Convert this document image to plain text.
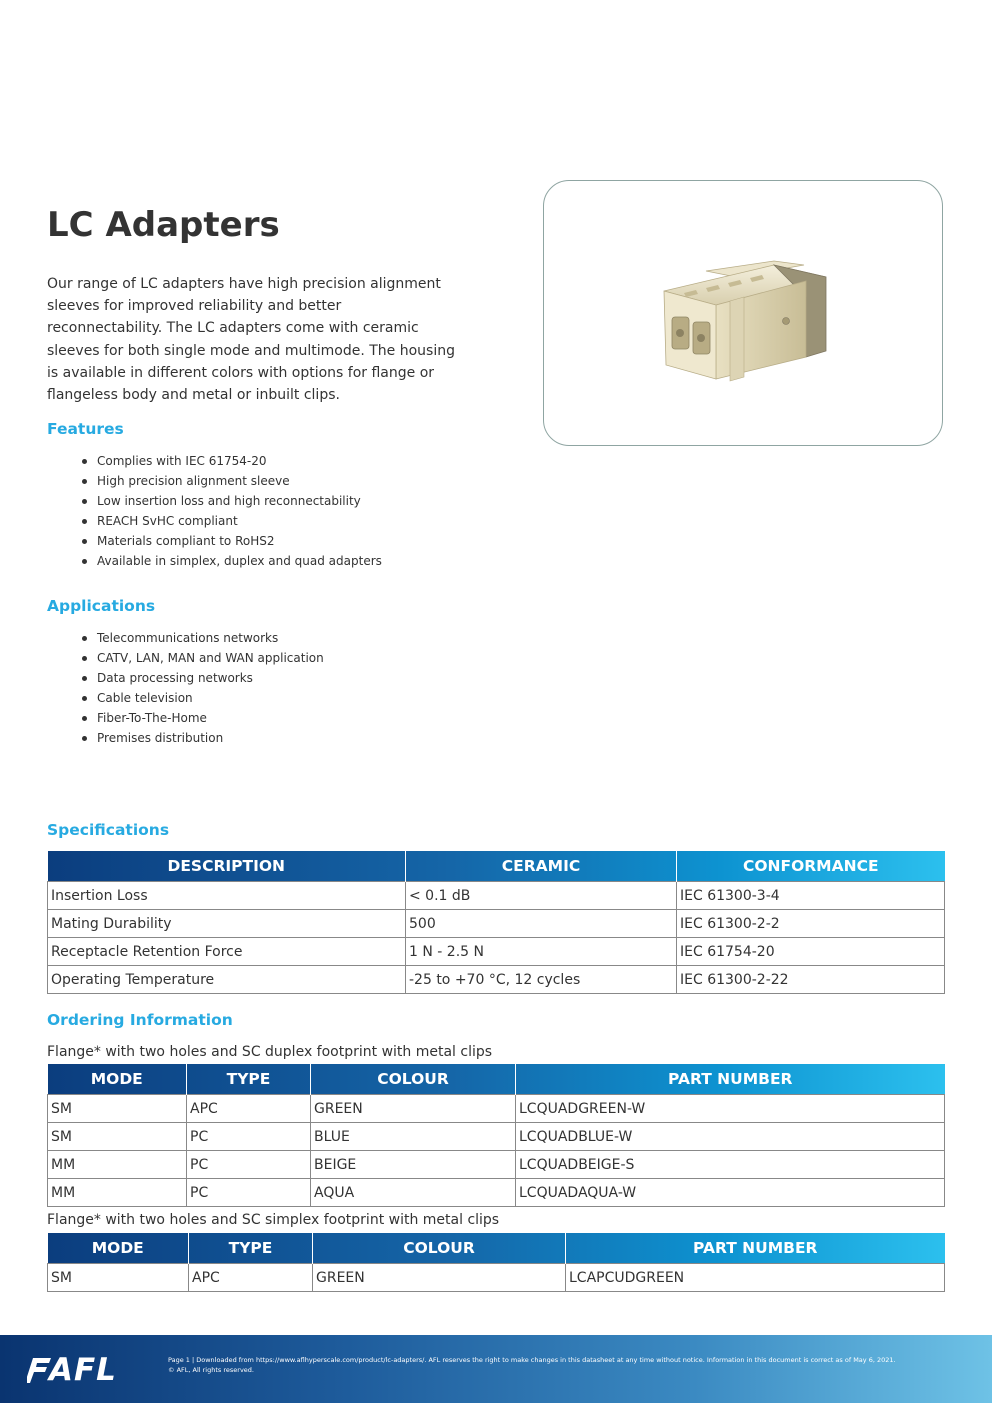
LC Adapters
Our range of LC adapters have high precision alignment sleeves for improved reliability and better reconnectability. The LC adapters come with ceramic sleeves for both single mode and multimode. The housing is available in different colors with options for flange or flangeless body and metal or inbuilt clips.
Features
Complies with IEC 61754-20
High precision alignment sleeve
Low insertion loss and high reconnectability
REACH SvHC compliant
Materials compliant to RoHS2
Available in simplex, duplex and quad adapters
Applications
Telecommunications networks
CATV, LAN, MAN and WAN application
Data processing networks
Cable television
Fiber-To-The-Home
Premises distribution
Specifications
DESCRIPTION	CERAMIC	CONFORMANCE
Insertion Loss	< 0.1 dB	IEC 61300-3-4
Mating Durability	500	IEC 61300-2-2
Receptacle Retention Force	1 N - 2.5 N	IEC 61754-20
Operating Temperature	-25 to +70 °C, 12 cycles	IEC 61300-2-22
Ordering Information
Flange* with two holes and SC duplex footprint with metal clips
MODE	TYPE	COLOUR	PART NUMBER
SM	APC	GREEN	LCQUADGREEN-W
SM	PC	BLUE	LCQUADBLUE-W
MM	PC	BEIGE	LCQUADBEIGE-S
MM	PC	AQUA	LCQUADAQUA-W
Flange* with two holes and SC simplex footprint with metal clips
MODE	TYPE	COLOUR	PART NUMBER
SM	APC	GREEN	LCAPCUDGREEN
AFL	Page 1 | Downloaded from https://www.aflhyperscale.com/product/lc-adapters/. AFL reserves the right to make changes in this datasheet at any time without notice. Information in this document is correct as of May 6, 2021.
© AFL, All rights reserved.
